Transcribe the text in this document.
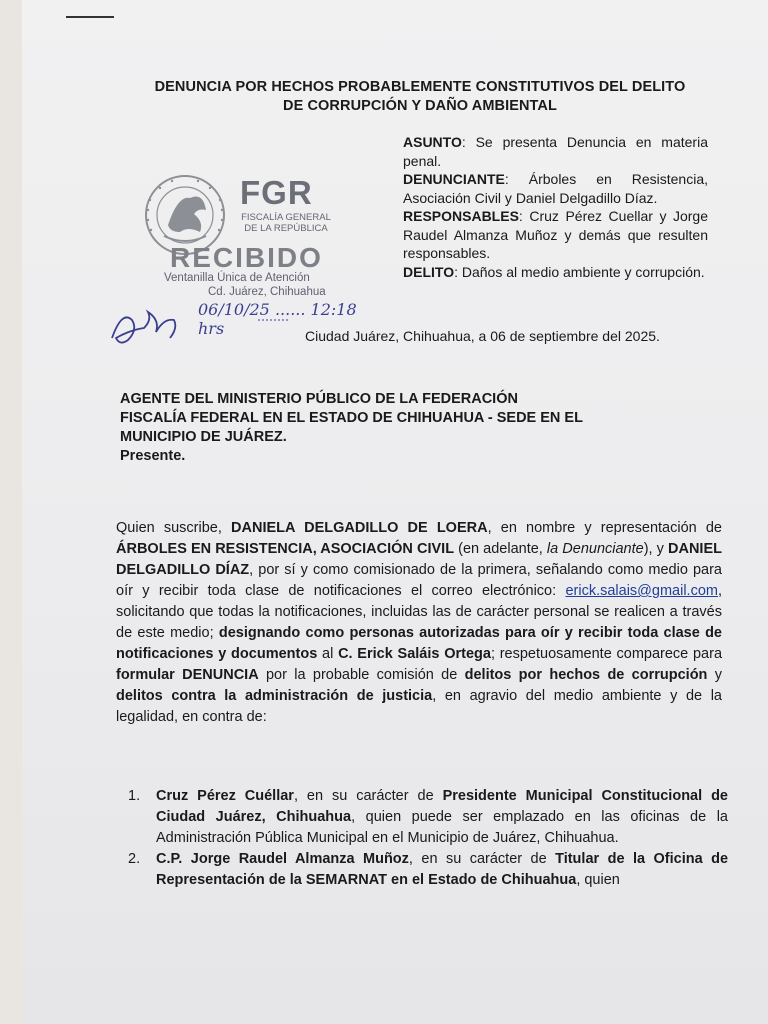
DENUNCIA POR HECHOS PROBABLEMENTE CONSTITUTIVOS DEL DELITO
DE CORRUPCIÓN Y DAÑO AMBIENTAL

ASUNTO: Se presenta Denuncia en materia penal.

DENUNCIANTE: Árboles en Resistencia, Asociación Civil y Daniel Delgadillo Díaz.

RESPONSABLES: Cruz Pérez Cuellar y Jorge Raudel Almanza Muñoz y demás que resulten responsables.

DELITO: Daños al medio ambiente y corrupción.

FGR
FISCALÍA GENERAL DE LA REPÚBLICA
RECIBIDO
Ventanilla Única de Atención
Cd. Juárez, Chihuahua
06/10/25 ...... 12:18 hrs	Ciudad Juárez, Chihuahua, a 06 de septiembre del 2025.
AGENTE DEL MINISTERIO PÚBLICO DE LA FEDERACIÓN
FISCALÍA FEDERAL EN EL ESTADO DE CHIHUAHUA - SEDE EN EL
MUNICIPIO DE JUÁREZ.
Presente.
Quien suscribe, DANIELA DELGADILLO DE LOERA, en nombre y representación de ÁRBOLES EN RESISTENCIA, ASOCIACIÓN CIVIL (en adelante, la Denunciante), y DANIEL DELGADILLO DÍAZ, por sí y como comisionado de la primera, señalando como medio para oír y recibir toda clase de notificaciones el correo electrónico: erick.salais@gmail.com, solicitando que todas la notificaciones, incluidas las de carácter personal se realicen a través de este medio; designando como personas autorizadas para oír y recibir toda clase de notificaciones y documentos al C. Erick Saláis Ortega; respetuosamente comparece para formular DENUNCIA por la probable comisión de delitos por hechos de corrupción y delitos contra la administración de justicia, en agravio del medio ambiente y de la legalidad, en contra de:
1. Cruz Pérez Cuéllar, en su carácter de Presidente Municipal Constitucional de Ciudad Juárez, Chihuahua, quien puede ser emplazado en las oficinas de la Administración Pública Municipal en el Municipio de Juárez, Chihuahua.
2. C.P. Jorge Raudel Almanza Muñoz, en su carácter de Titular de la Oficina de Representación de la SEMARNAT en el Estado de Chihuahua, quien
